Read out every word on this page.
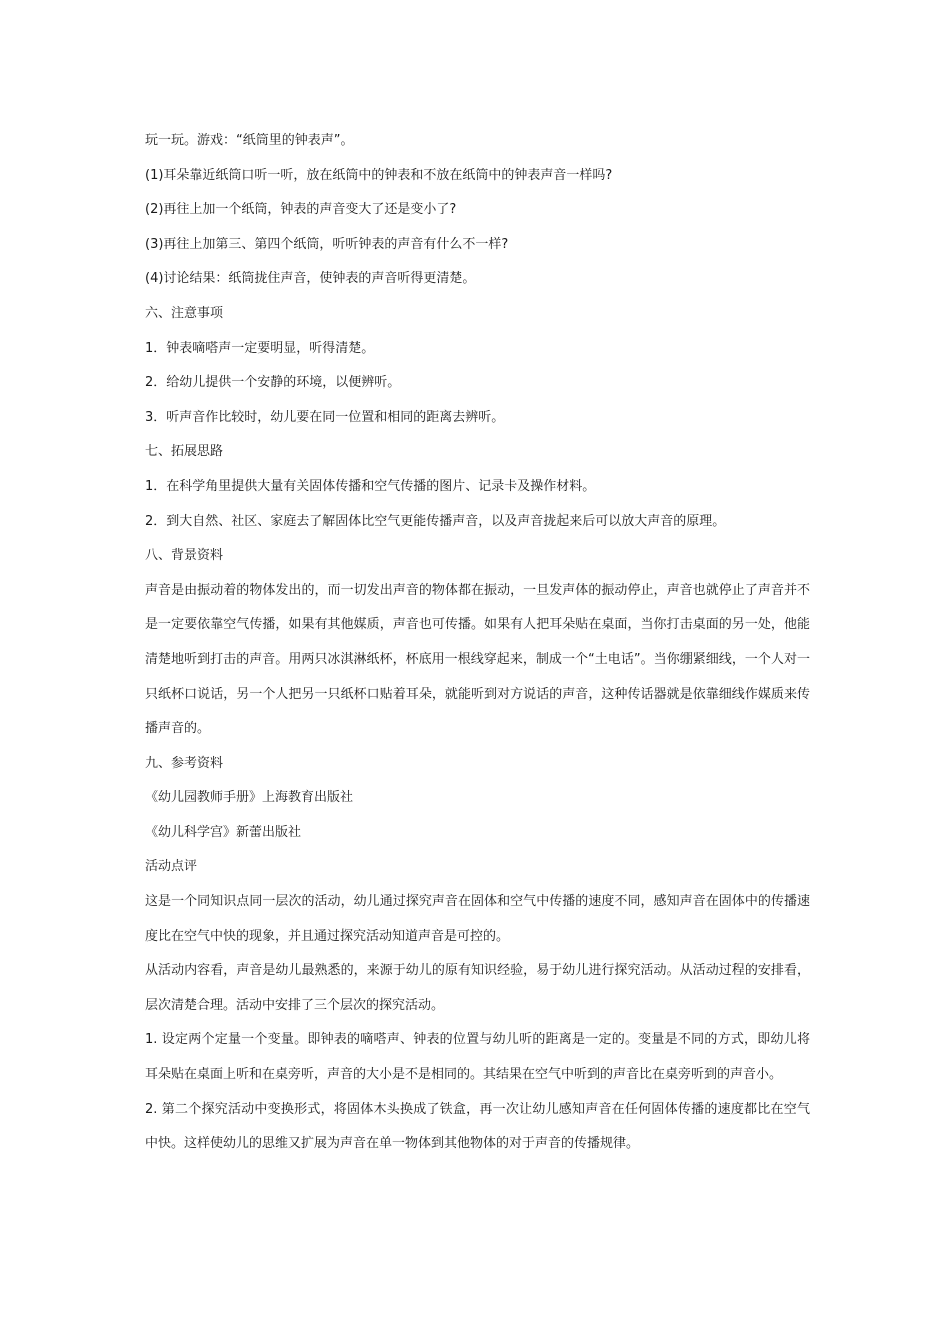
玩一玩。游戏：“纸筒里的钟表声”。

(1)耳朵靠近纸筒口听一听，放在纸筒中的钟表和不放在纸筒中的钟表声音一样吗?

(2)再往上加一个纸筒，钟表的声音变大了还是变小了?

(3)再往上加第三、第四个纸筒，听听钟表的声音有什么不一样?

(4)讨论结果：纸筒拢住声音，使钟表的声音听得更清楚。

六、注意事项

1．钟表嘀嗒声一定要明显，听得清楚。

2．给幼儿提供一个安静的环境，以便辨听。

3．听声音作比较时，幼儿要在同一位置和相同的距离去辨听。

七、拓展思路

1．在科学角里提供大量有关固体传播和空气传播的图片、记录卡及操作材料。

2．到大自然、社区、家庭去了解固体比空气更能传播声音，以及声音拢起来后可以放大声音的原理。

八、背景资料

声音是由振动着的物体发出的，而一切发出声音的物体都在振动，一旦发声体的振动停止，声音也就停止了声音并不是一定要依靠空气传播，如果有其他媒质，声音也可传播。如果有人把耳朵贴在桌面，当你打击桌面的另一处，他能清楚地听到打击的声音。用两只冰淇淋纸杯，杯底用一根线穿起来，制成一个“土电话”。当你绷紧细线，一个人对一只纸杯口说话，另一个人把另一只纸杯口贴着耳朵，就能听到对方说话的声音，这种传话器就是依靠细线作媒质来传播声音的。

九、参考资料

《幼儿园教师手册》上海教育出版社

《幼儿科学宫》新蕾出版社

活动点评

这是一个同知识点同一层次的活动，幼儿通过探究声音在固体和空气中传播的速度不同，感知声音在固体中的传播速度比在空气中快的现象，并且通过探究活动知道声音是可控的。

从活动内容看，声音是幼儿最熟悉的，来源于幼儿的原有知识经验，易于幼儿进行探究活动。从活动过程的安排看，层次清楚合理。活动中安排了三个层次的探究活动。

1. 设定两个定量一个变量。即钟表的嘀嗒声、钟表的位置与幼儿听的距离是一定的。变量是不同的方式，即幼儿将耳朵贴在桌面上听和在桌旁听，声音的大小是不是相同的。其结果在空气中听到的声音比在桌旁听到的声音小。

2. 第二个探究活动中变换形式，将固体木头换成了铁盒，再一次让幼儿感知声音在任何固体传播的速度都比在空气中快。这样使幼儿的思维又扩展为声音在单一物体到其他物体的对于声音的传播规律。
